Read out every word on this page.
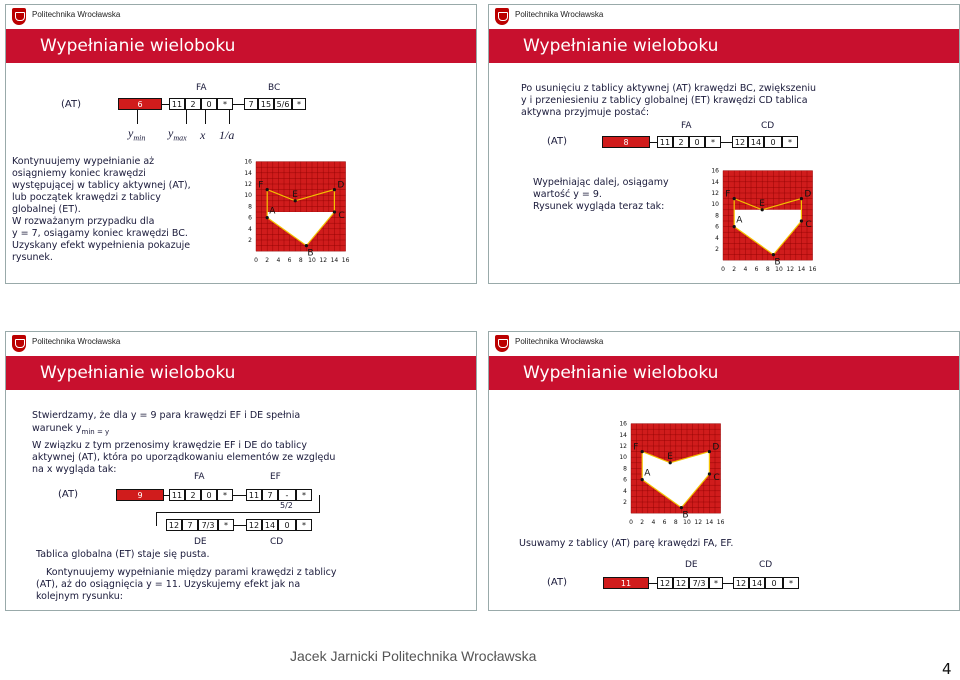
Politechnika Wrocławska
Wypełnianie wieloboku
(AT)
FA	BC
6	11	2	0	*	7 15 5/6 *
$y_{min}$ $y_{max}$ x 1/a
Kontynuujemy wypełnianie aż
osiągniemy koniec krawędzi
występującej w tablicy aktywnej (AT),
lub początek krawędzi z tablicy
globalnej (ET).
W rozważanym przypadku dla
y = 7, osiągamy koniec krawędzi BC.
Uzyskany efekt wypełnienia pokazuje
rysunek.
A
B
C
D
E
F
16
14
12
10
8
6
4
2
0 2 4 6 8 10 12 14 16
Politechnika Wrocławska
Wypełnianie wieloboku
Po usunięciu z tablicy aktywnej (AT) krawędzi BC, zwiększeniu
y i przeniesieniu z tablicy globalnej (ET) krawędzi CD tablica
aktywna przyjmuje postać:
FA	CD
(AT)	8	11	2	0	*	12 14	0	*
Wypełniając dalej, osiągamy
wartość y = 9.
Rysunek wygląda teraz tak:
A
B
C
D
E
F
16
14
12
10
8
6
4
2
0 2 4 6 8 10 12 14 16
Politechnika Wrocławska
Wypełnianie wieloboku
Stwierdzamy, że dla y = 9 para krawędzi EF i DE spełnia
warunek $y_{min = y}$
W związku z tym przenosimy krawędzie EF i DE do tablicy
aktywnej (AT), która po uporządkowaniu elementów ze względu
na x wygląda tak:
FA	EF
(AT)	9	11	2	0	*	11	7	-	*
5/2
12	7	7/3	*	12 14	0	*
DE	CD
Tablica globalna (ET) staje się pusta.
Kontynuujemy wypełnianie między parami krawędzi z tablicy
(AT), aż do osiągnięcia y = 11. Uzyskujemy efekt jak na
kolejnym rysunku:
Politechnika Wrocławska
Wypełnianie wieloboku
A
B
C
D
E
F
16
14
12
10
8
6
4
2
0 2 4 6 8 10 12 14 16
Usuwamy z tablicy (AT) parę krawędzi FA, EF.
DE	CD
(AT)	11	12 12 7/3	*	12 14	0	*
Jacek Jarnicki Politechnika Wrocławska
4
